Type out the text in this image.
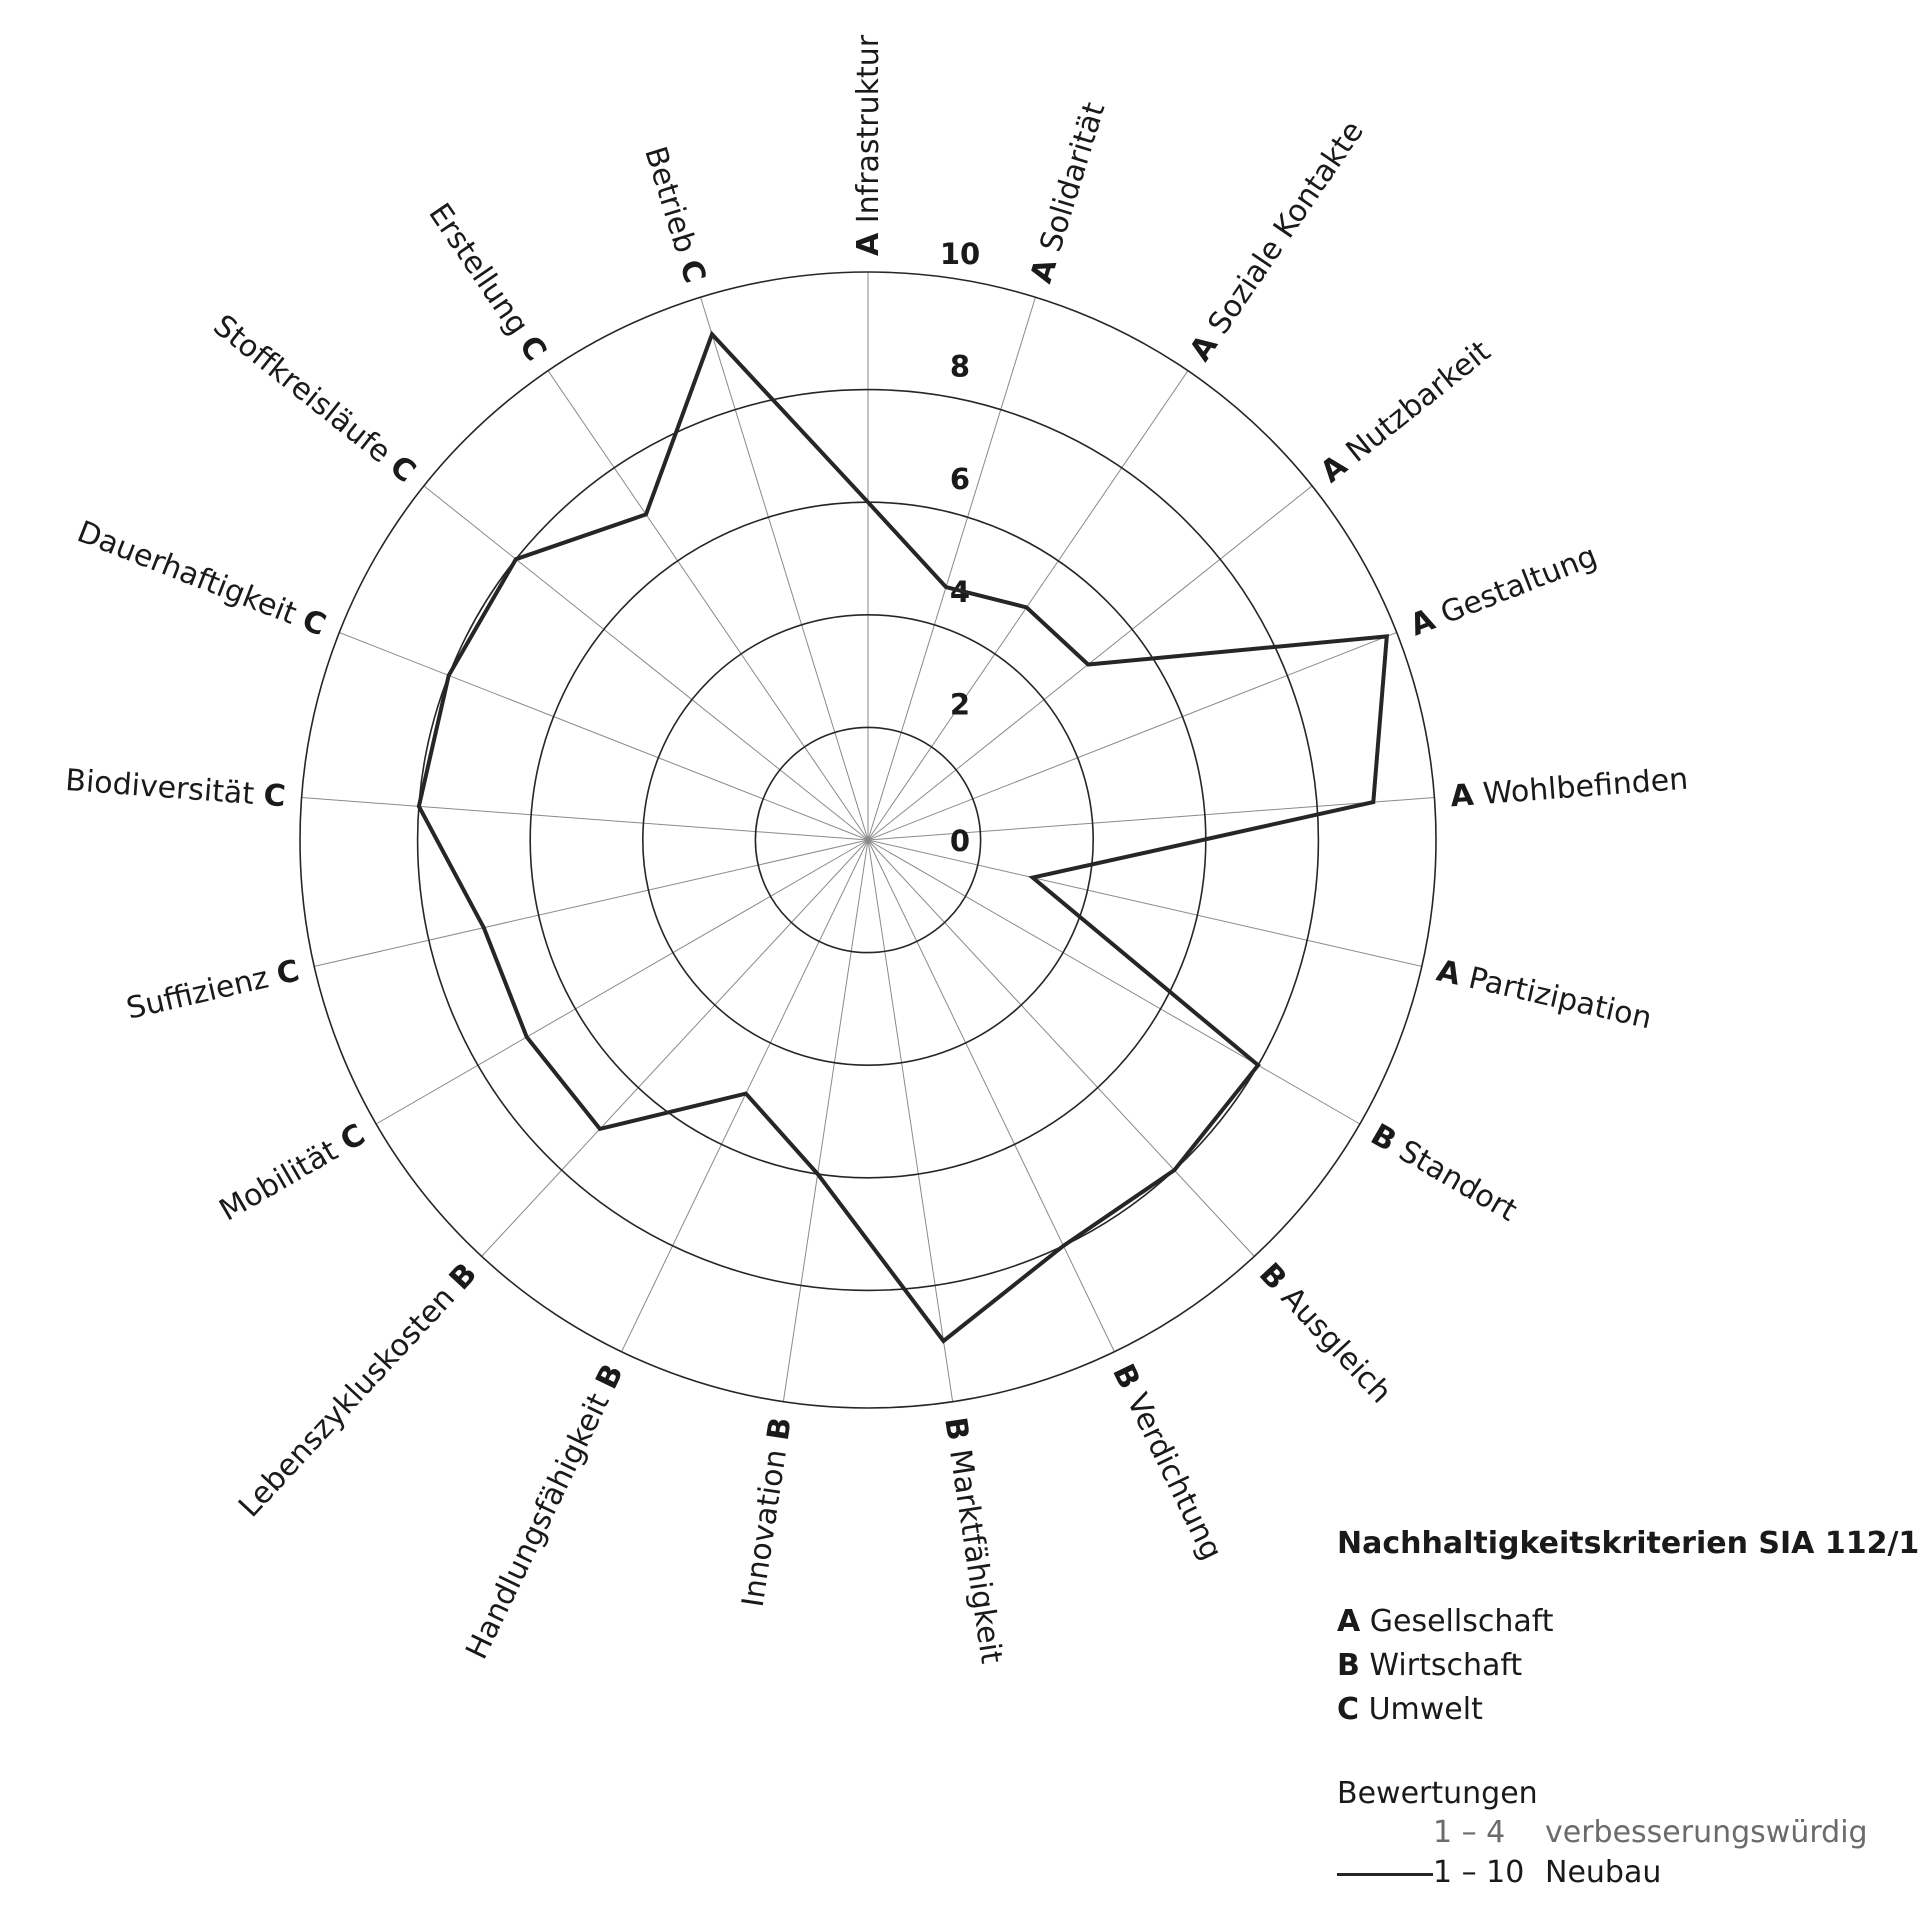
0
2
4
6
8
10
A Infrastruktur
A Solidarität
A Soziale Kontakte
A Nutzbarkeit
A Gestaltung
A Wohlbefinden
A Partizipation
B Standort
B Ausgleich
B Verdichtung
B Marktfähigkeit
Innovation B
Handlungsfähigkeit B
Lebenszykluskosten B
Mobilität C
Suffizienz C
Biodiversität C
Dauerhaftigkeit C
Stoffkreisläufe C
Erstellung C
Betrieb C
Nachhaltigkeitskriterien SIA 112/1
A Gesellschaft
B Wirtschaft
C Umwelt
Bewertungen
1 – 4 verbesserungswürdig
1 – 10 Neubau
